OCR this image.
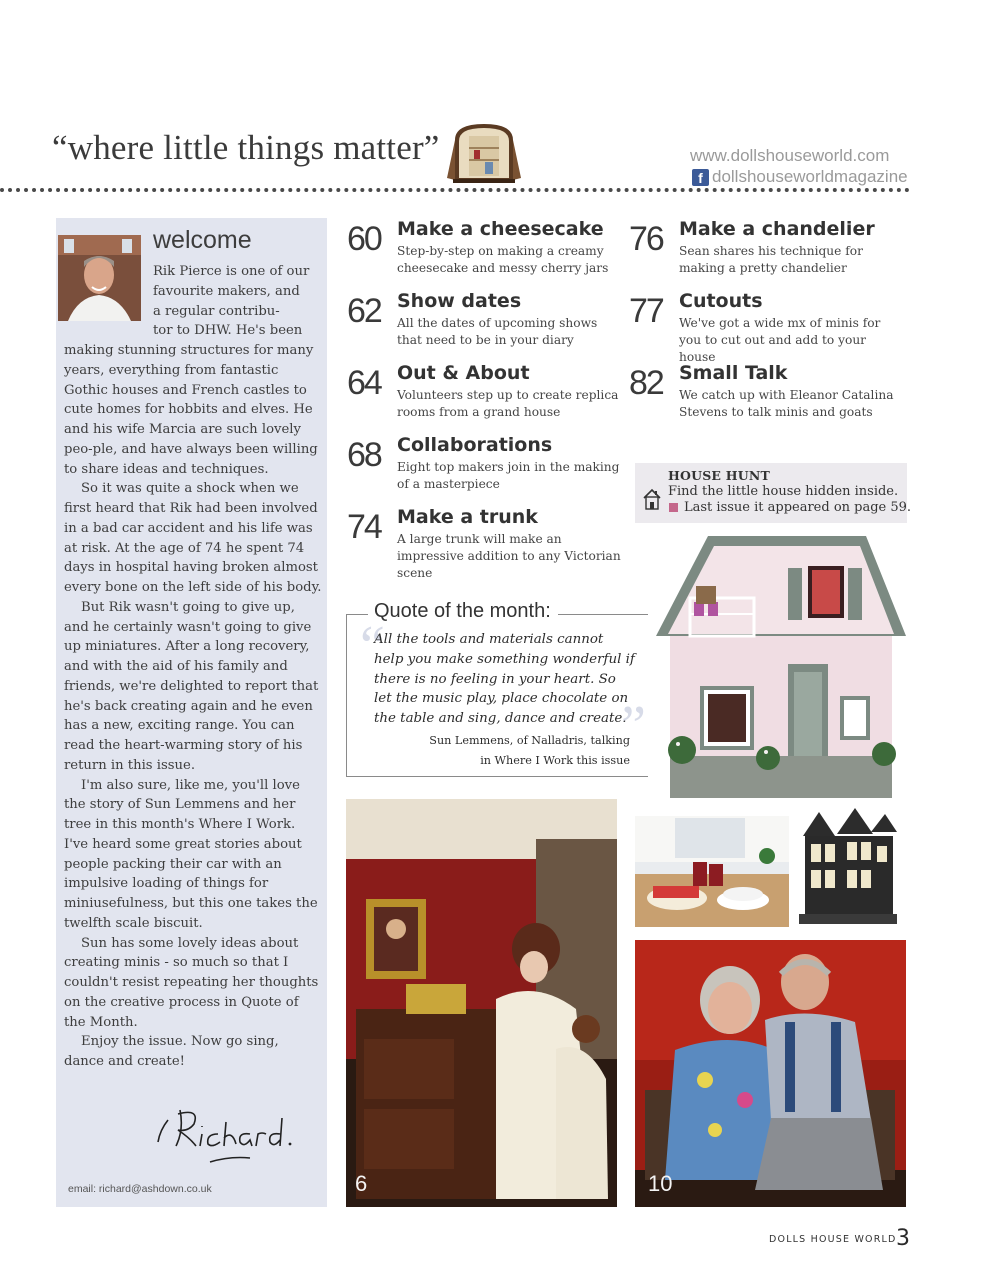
“where little things matter”	www.dollshouseworld.com
f dollshouseworldmagazine
welcome

Rik Pierce is one of our

favourite makers, and

a regular contribu-

tor to DHW. He's been

making stunning structures for many years, everything from fantastic Gothic houses and French castles to cute homes for hobbits and elves. He and his wife Marcia are such lovely peo-ple, and have always been willing to share ideas and techniques.

So it was quite a shock when we first heard that Rik had been involved in a bad car accident and his life was at risk. At the age of 74 he spent 74 days in hospital having broken almost every bone on the left side of his body.

But Rik wasn't going to give up, and he certainly wasn't going to give up miniatures. After a long recovery, and with the aid of his family and friends, we're delighted to report that he's back creating again and he even has a new, exciting range. You can read the heart-warming story of his return in this issue.

I'm also sure, like me, you'll love the story of Sun Lemmens and her tree in this month's Where I Work. I've heard some great stories about people packing their car with an impulsive loading of things for miniusefulness, but this one takes the twelfth scale biscuit.

Sun has some lovely ideas about creating minis - so much so that I couldn't resist repeating her thoughts on the creative process in Quote of the Month.

Enjoy the issue. Now go sing, dance and create!

email: richard@ashdown.co.uk
60 Make a cheesecake
Step-by-step on making a creamy cheesecake and messy cherry jars
62 Show dates
All the dates of upcoming shows that need to be in your diary
64 Out & About
Volunteers step up to create replica rooms from a grand house
68 Collaborations
Eight top makers join in the making of a masterpiece
74 Make a trunk
A large trunk will make an impressive addition to any Victorian scene
76 Make a chandelier
Sean shares his technique for making a pretty chandelier
77 Cutouts
We've got a wide mx of minis for you to cut out and add to your house
82 Small Talk
We catch up with Eleanor Catalina Stevens to talk minis and goats
HOUSE HUNT
Find the little house hidden inside.
Last issue it appeared on page 59.
Quote of the month:
“
All the tools and materials cannot help you make something wonderful if there is no feeling in your heart. So let the music play, place chocolate on the table and sing, dance and create.
”
Sun Lemmens, of Nalladris, talking
in Where I Work this issue
6	10
DOLLS HOUSE WORLD 3
